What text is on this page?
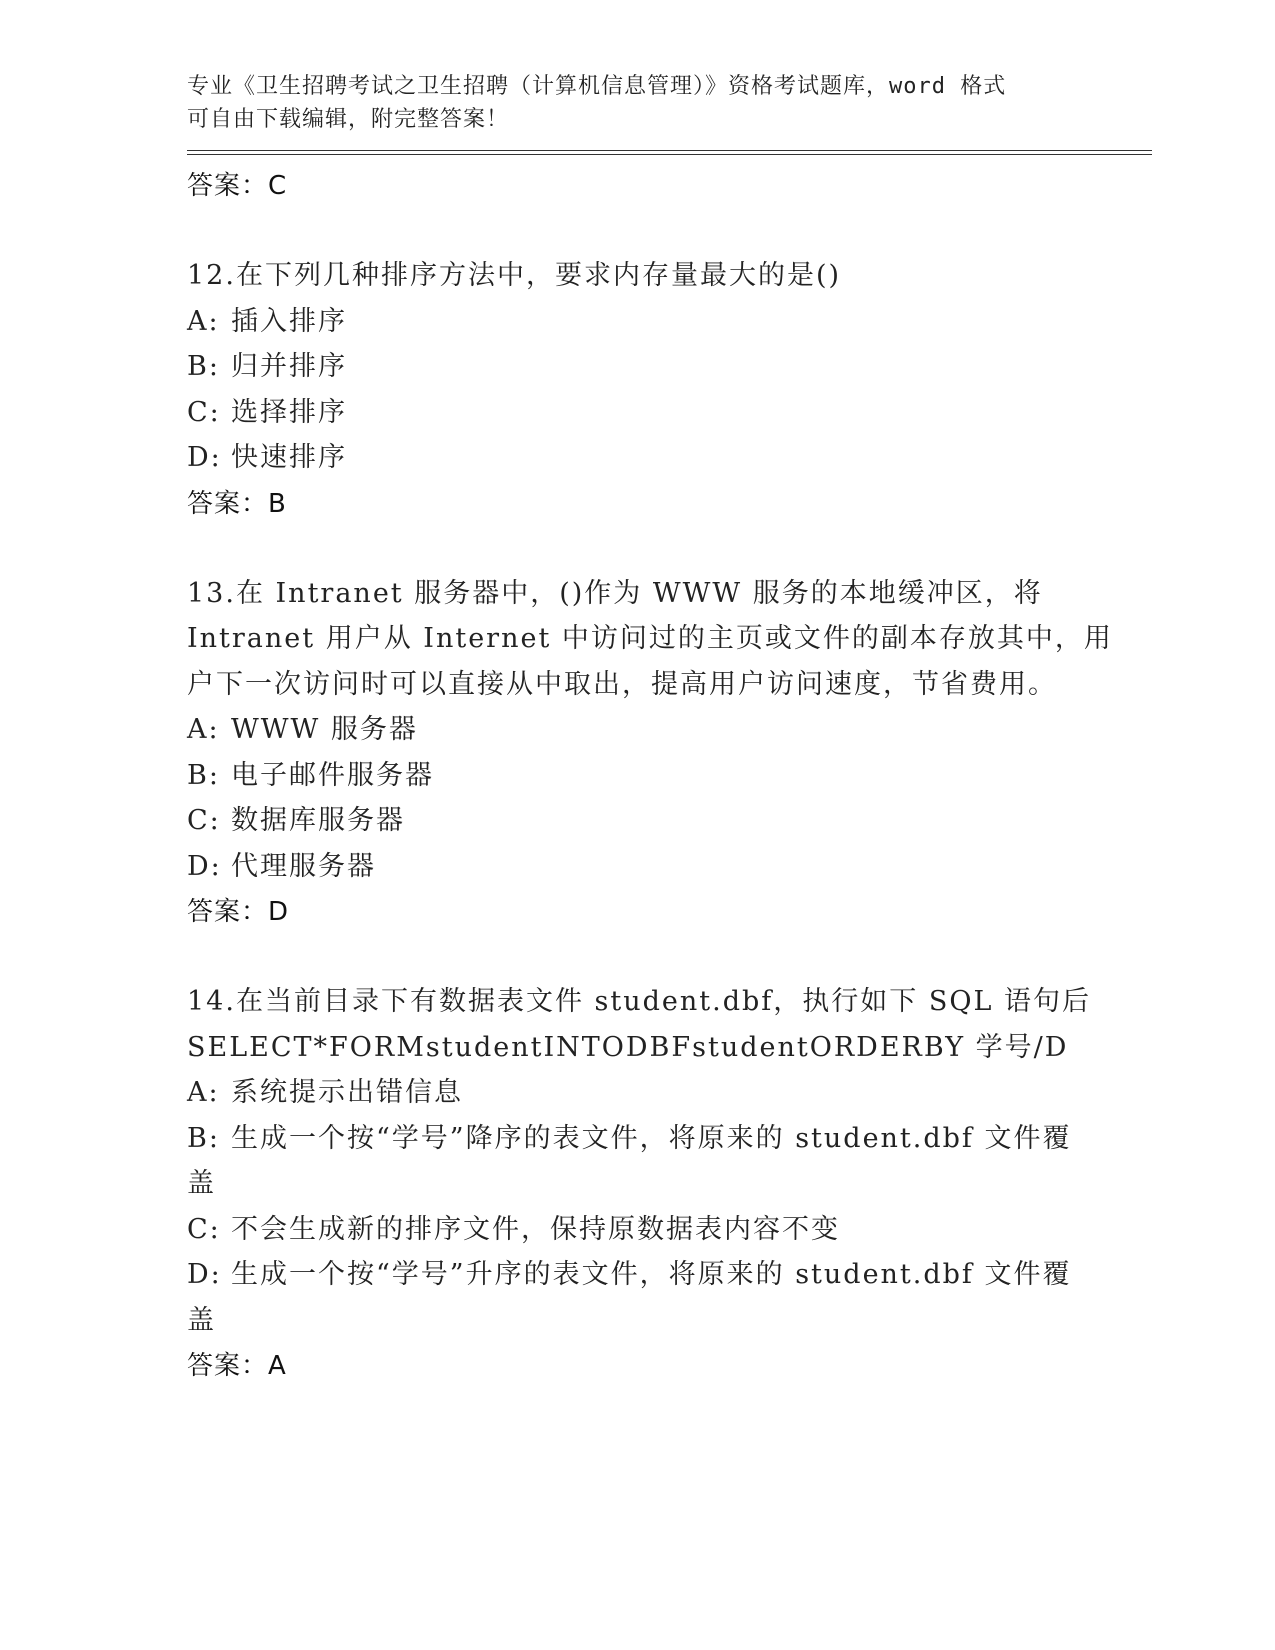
专业《卫生招聘考试之卫生招聘（计算机信息管理）》资格考试题库，word 格式
可自由下载编辑，附完整答案！
答案：C
12.在下列几种排序方法中，要求内存量最大的是()
A: 插入排序
B: 归并排序
C: 选择排序
D: 快速排序
答案：B
13.在 Intranet 服务器中，()作为 WWW 服务的本地缓冲区，将
Intranet 用户从 Internet 中访问过的主页或文件的副本存放其中，用
户下一次访问时可以直接从中取出，提高用户访问速度，节省费用。
A: WWW 服务器
B: 电子邮件服务器
C: 数据库服务器
D: 代理服务器
答案：D
14.在当前目录下有数据表文件 student.dbf，执行如下 SQL 语句后
SELECT*FORMstudentINTODBFstudentORDERBY 学号/D
A: 系统提示出错信息
B: 生成一个按“学号”降序的表文件，将原来的 student.dbf 文件覆
盖
C: 不会生成新的排序文件，保持原数据表内容不变
D: 生成一个按“学号”升序的表文件，将原来的 student.dbf 文件覆
盖
答案：A
